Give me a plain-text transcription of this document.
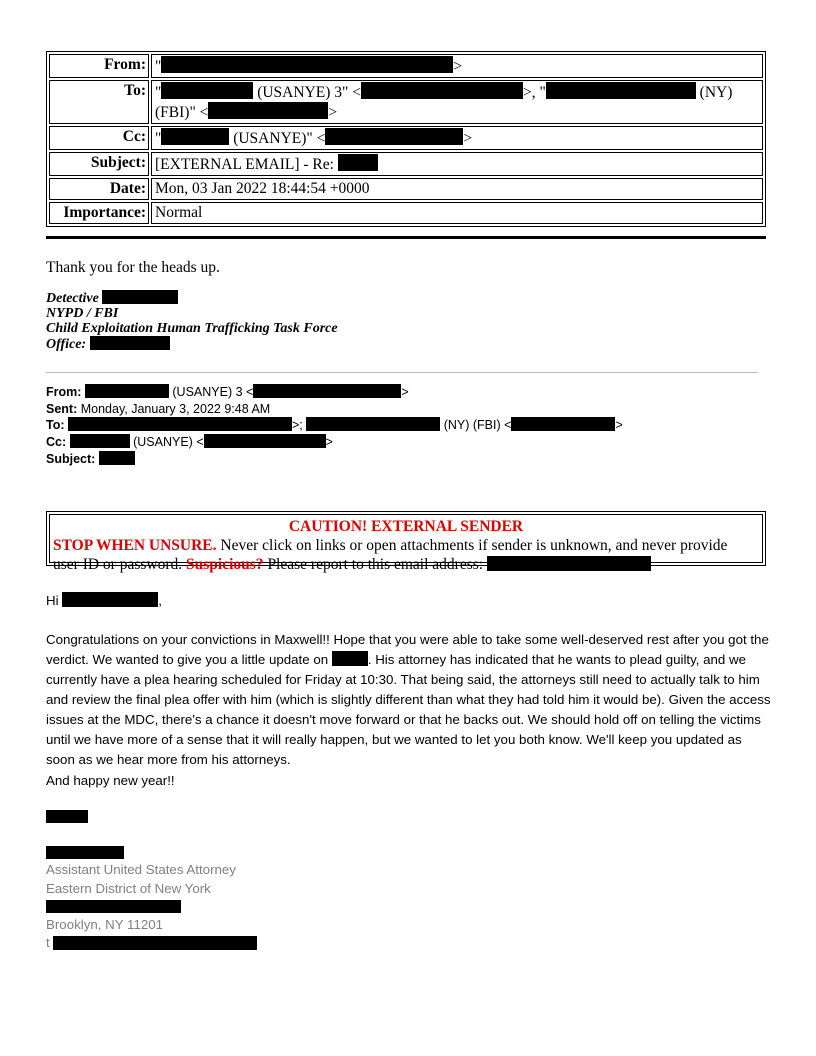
From:	" >
To:	" (USANYE) 3" < >, " (NY)
(FBI)" < >
Cc:	" (USANYE)" < >
Subject:	[EXTERNAL EMAIL] - Re:
Date:	Mon, 03 Jan 2022 18:44:54 +0000
Importance:	Normal
Thank you for the heads up.
Detective
NYPD / FBI
Child Exploitation Human Trafficking Task Force
Office:
From:	(USANYE) 3 <	>
Sent: Monday, January 3, 2022 9:48 AM
To:	>;	(NY) (FBI) <	>
Cc:	(USANYE) <	>
Subject:
CAUTION! EXTERNAL SENDER
STOP WHEN UNSURE. Never click on links or open attachments if sender is unknown, and never provide
user ID or password. Suspicious? Please report to this email address:
Hi	,
Congratulations on your convictions in Maxwell!! Hope that you were able to take some well-deserved rest after you got the verdict. We wanted to give you a little update on	. His attorney has indicated that he wants to plead guilty, and we currently have a plea hearing scheduled for Friday at 10:30. That being said, the attorneys still need to actually talk to him and review the final plea offer with him (which is slightly different than what they had told him it would be). Given the access issues at the MDC, there's a chance it doesn't move forward or that he backs out. We should hold off on telling the victims until we have more of a sense that it will really happen, but we wanted to let you both know. We'll keep you updated as soon as we hear more from his attorneys.
And happy new year!!
Assistant United States Attorney
Eastern District of New York
Brooklyn, NY 11201
t
